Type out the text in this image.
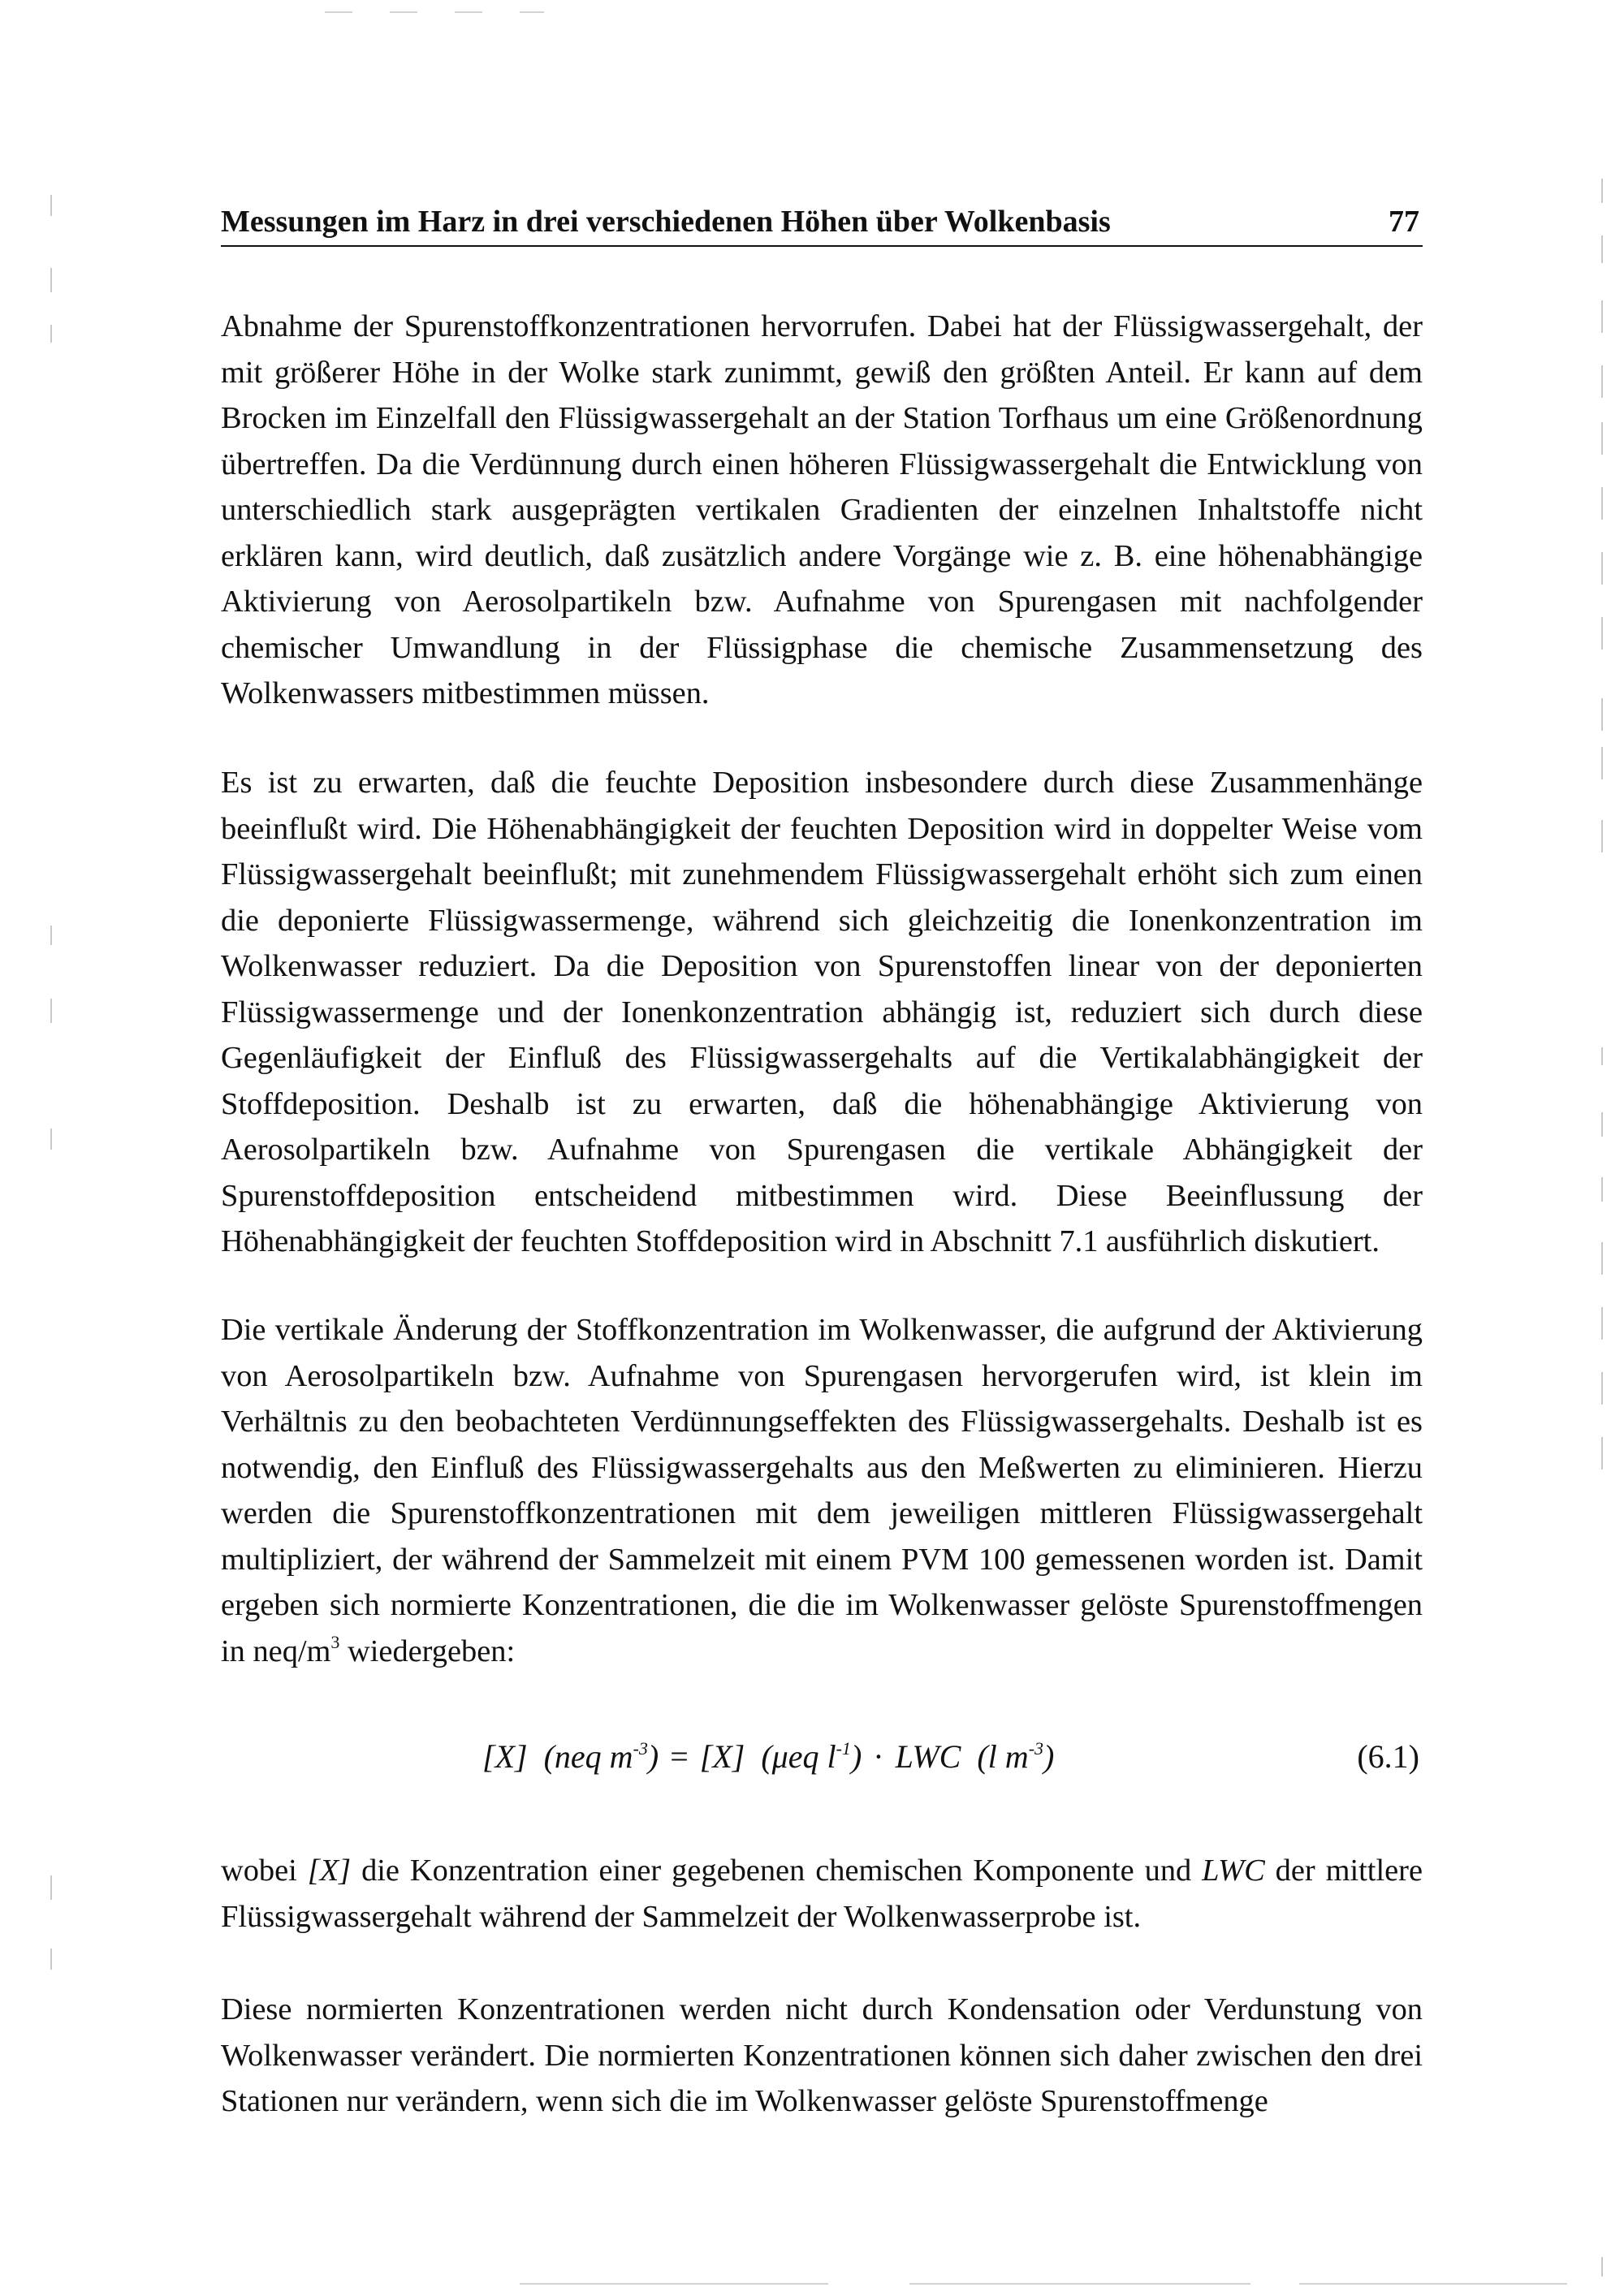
Messungen im Harz in drei verschiedenen Höhen über Wolkenbasis	77

Abnahme der Spurenstoffkonzentrationen hervorrufen. Dabei hat der Flüssigwassergehalt, der mit größerer Höhe in der Wolke stark zunimmt, gewiß den größten Anteil. Er kann auf dem Brocken im Einzelfall den Flüssigwassergehalt an der Station Torfhaus um eine Größenordnung übertreffen. Da die Verdünnung durch einen höheren Flüssigwassergehalt die Entwicklung von unterschiedlich stark ausgeprägten vertikalen Gradienten der einzelnen Inhaltstoffe nicht erklären kann, wird deutlich, daß zusätzlich andere Vorgänge wie z. B. eine höhenabhängige Aktivierung von Aerosolpartikeln bzw. Aufnahme von Spurengasen mit nachfolgender chemischer Umwandlung in der Flüssigphase die chemische Zusammensetzung des Wolkenwassers mitbestimmen müssen.

Es ist zu erwarten, daß die feuchte Deposition insbesondere durch diese Zusammenhänge beeinflußt wird. Die Höhenabhängigkeit der feuchten Deposition wird in doppelter Weise vom Flüssigwassergehalt beeinflußt; mit zunehmendem Flüssigwassergehalt erhöht sich zum einen die deponierte Flüssigwassermenge, während sich gleichzeitig die Ionenkonzentration im Wolkenwasser reduziert. Da die Deposition von Spurenstoffen linear von der deponierten Flüssigwassermenge und der Ionenkonzentration abhängig ist, reduziert sich durch diese Gegenläufigkeit der Einfluß des Flüssigwassergehalts auf die Vertikalabhängigkeit der Stoffdeposition. Deshalb ist zu erwarten, daß die höhenabhängige Aktivierung von Aerosolpartikeln bzw. Aufnahme von Spurengasen die vertikale Abhängigkeit der Spurenstoffdeposition entscheidend mitbestimmen wird. Diese Beeinflussung der Höhenabhängigkeit der feuchten Stoffdeposition wird in Abschnitt 7.1 ausführlich diskutiert.

Die vertikale Änderung der Stoffkonzentration im Wolkenwasser, die aufgrund der Aktivierung von Aerosolpartikeln bzw. Aufnahme von Spurengasen hervorgerufen wird, ist klein im Verhältnis zu den beobachteten Verdünnungseffekten des Flüssigwassergehalts. Deshalb ist es notwendig, den Einfluß des Flüssigwassergehalts aus den Meßwerten zu eliminieren. Hierzu werden die Spurenstoffkonzentrationen mit dem jeweiligen mittleren Flüssigwassergehalt multipliziert, der während der Sammelzeit mit einem PVM 100 gemessenen worden ist. Damit ergeben sich normierte Konzentrationen, die die im Wolkenwasser gelöste Spurenstoffmengen in neq/$m^3$ wiedergeben:

[X] (neq $m^{-3}) = [X]$ (μeq $l^{-1}$) · LWC (l $m^{-3}$)	(6.1)

wobei [X] die Konzentration einer gegebenen chemischen Komponente und LWC der mittlere Flüssigwassergehalt während der Sammelzeit der Wolkenwasserprobe ist.

Diese normierten Konzentrationen werden nicht durch Kondensation oder Verdunstung von Wolkenwasser verändert. Die normierten Konzentrationen können sich daher zwischen den drei Stationen nur verändern, wenn sich die im Wolkenwasser gelöste Spurenstoffmenge
